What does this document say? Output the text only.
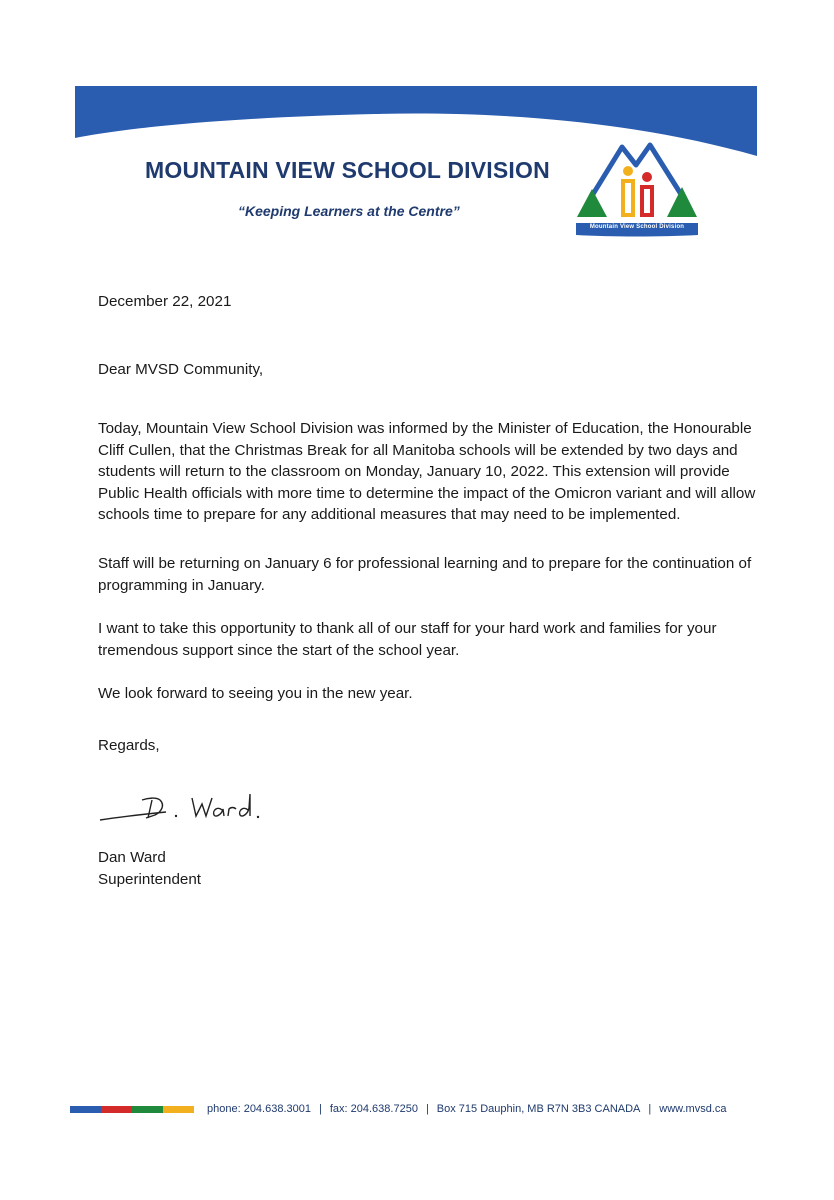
MOUNTAIN VIEW SCHOOL DIVISION
“Keeping Learners at the Centre”
Mountain View School Division
December 22, 2021
Dear MVSD Community,

Today, Mountain View School Division was informed by the Minister of Education, the Honourable Cliff Cullen, that the Christmas Break for all Manitoba schools will be extended by two days and students will return to the classroom on Monday, January 10, 2022. This extension will provide Public Health officials with more time to determine the impact of the Omicron variant and will allow schools time to prepare for any additional measures that may need to be implemented.

Staff will be returning on January 6 for professional learning and to prepare for the continuation of programming in January.

I want to take this opportunity to thank all of our staff for your hard work and families for your tremendous support since the start of the school year.

We look forward to seeing you in the new year.

Regards,
Dan Ward
Superintendent
phone: 204.638.3001 | fax: 204.638.7250 | Box 715 Dauphin, MB R7N 3B3 CANADA | www.mvsd.ca
